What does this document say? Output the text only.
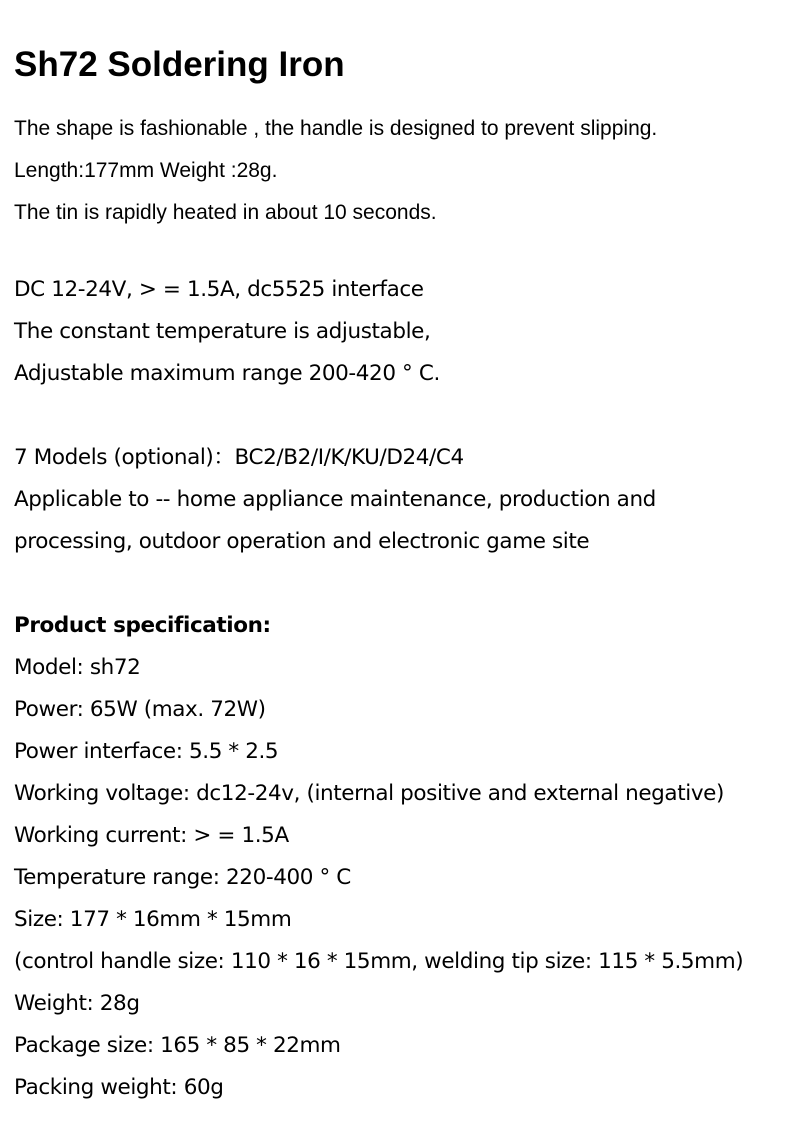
Sh72 Soldering Iron
The shape is fashionable , the handle is designed to prevent slipping.
Length:177mm Weight :28g.
The tin is rapidly heated in about 10 seconds.
DC 12-24V, > = 1.5A, dc5525 interface
The constant temperature is adjustable,
Adjustable maximum range 200-420 ° C.
7 Models (optional)：BC2/B2/I/K/KU/D24/C4
Applicable to -- home appliance maintenance, production and
processing, outdoor operation and electronic game site
Product specification:
Model: sh72
Power: 65W (max. 72W)
Power interface: 5.5 * 2.5
Working voltage: dc12-24v, (internal positive and external negative)
Working current: > = 1.5A
Temperature range: 220-400 ° C
Size: 177 * 16mm * 15mm
(control handle size: 110 * 16 * 15mm, welding tip size: 115 * 5.5mm)
Weight: 28g
Package size: 165 * 85 * 22mm
Packing weight: 60g
